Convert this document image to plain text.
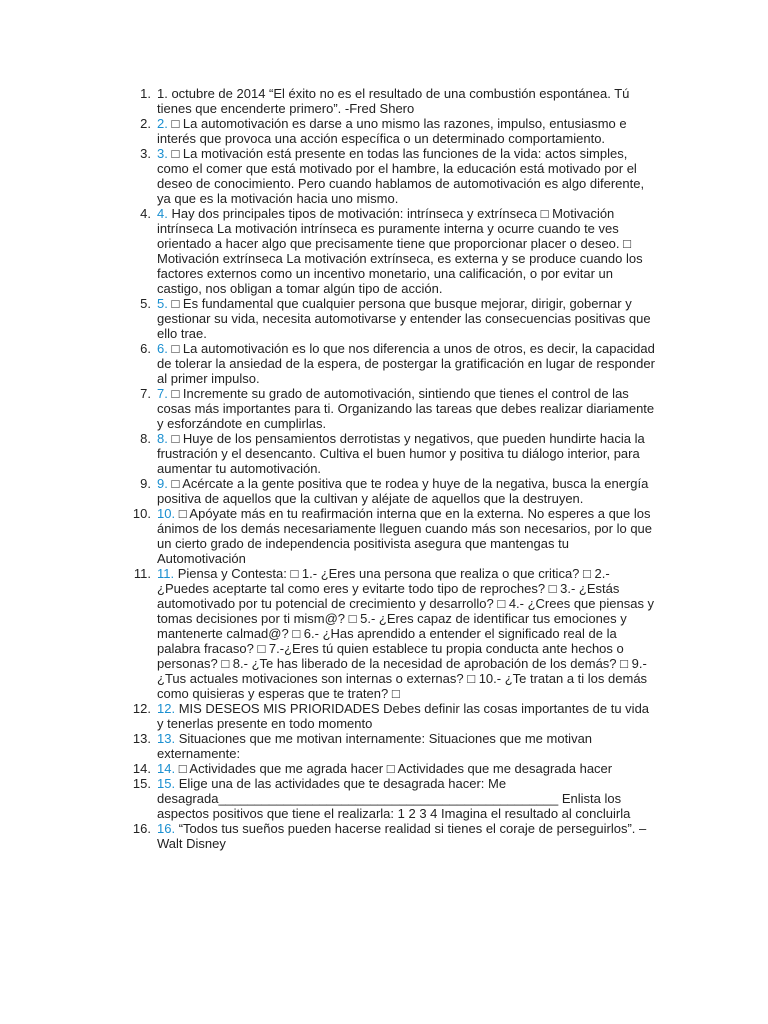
1. 1. octubre de 2014 “El éxito no es el resultado de una combustión espontánea. Tú tienes que encenderte primero”. -Fred Shero
2. 2. □ La automotivación es darse a uno mismo las razones, impulso, entusiasmo e interés que provoca una acción específica o un determinado comportamiento.
3. 3. □ La motivación está presente en todas las funciones de la vida: actos simples, como el comer que está motivado por el hambre, la educación está motivado por el deseo de conocimiento. Pero cuando hablamos de automotivación es algo diferente, ya que es la motivación hacia uno mismo.
4. 4. Hay dos principales tipos de motivación: intrínseca y extrínseca □ Motivación intrínseca La motivación intrínseca es puramente interna y ocurre cuando te ves orientado a hacer algo que precisamente tiene que proporcionar placer o deseo. □ Motivación extrínseca La motivación extrínseca, es externa y se produce cuando los factores externos como un incentivo monetario, una calificación, o por evitar un castigo, nos obligan a tomar algún tipo de acción.
5. 5. □ Es fundamental que cualquier persona que busque mejorar, dirigir, gobernar y gestionar su vida, necesita automotivarse y entender las consecuencias positivas que ello trae.
6. 6. □ La automotivación es lo que nos diferencia a unos de otros, es decir, la capacidad de tolerar la ansiedad de la espera, de postergar la gratificación en lugar de responder al primer impulso.
7. 7. □ Incremente su grado de automotivación, sintiendo que tienes el control de las cosas más importantes para ti. Organizando las tareas que debes realizar diariamente y esforzándote en cumplirlas.
8. 8. □ Huye de los pensamientos derrotistas y negativos, que pueden hundirte hacia la frustración y el desencanto. Cultiva el buen humor y positiva tu diálogo interior, para aumentar tu automotivación.
9. 9. □ Acércate a la gente positiva que te rodea y huye de la negativa, busca la energía positiva de aquellos que la cultivan y aléjate de aquellos que la destruyen.
10. 10. □ Apóyate más en tu reafirmación interna que en la externa. No esperes a que los ánimos de los demás necesariamente lleguen cuando más son necesarios, por lo que un cierto grado de independencia positivista asegura que mantengas tu Automotivación
11. 11. Piensa y Contesta: □ 1.- ¿Eres una persona que realiza o que critica? □ 2.- ¿Puedes aceptarte tal como eres y evitarte todo tipo de reproches? □ 3.- ¿Estás automotivado por tu potencial de crecimiento y desarrollo? □ 4.- ¿Crees que piensas y tomas decisiones por ti mism@? □ 5.- ¿Eres capaz de identificar tus emociones y mantenerte calmad@? □ 6.- ¿Has aprendido a entender el significado real de la palabra fracaso? □ 7.-¿Eres tú quien establece tu propia conducta ante hechos o personas? □ 8.- ¿Te has liberado de la necesidad de aprobación de los demás? □ 9.- ¿Tus actuales motivaciones son internas o externas? □ 10.- ¿Te tratan a ti los demás como quisieras y esperas que te traten? □
12. 12. MIS DESEOS MIS PRIORIDADES Debes definir las cosas importantes de tu vida y tenerlas presente en todo momento
13. 13. Situaciones que me motivan internamente: Situaciones que me motivan externamente:
14. 14. □ Actividades que me agrada hacer □ Actividades que me desagrada hacer
15. 15. Elige una de las actividades que te desagrada hacer: Me desagrada_______________________________________________ Enlista los aspectos positivos que tiene el realizarla: 1 2 3 4 Imagina el resultado al concluirla
16. 16. “Todos tus sueños pueden hacerse realidad si tienes el coraje de perseguirlos”. –Walt Disney
